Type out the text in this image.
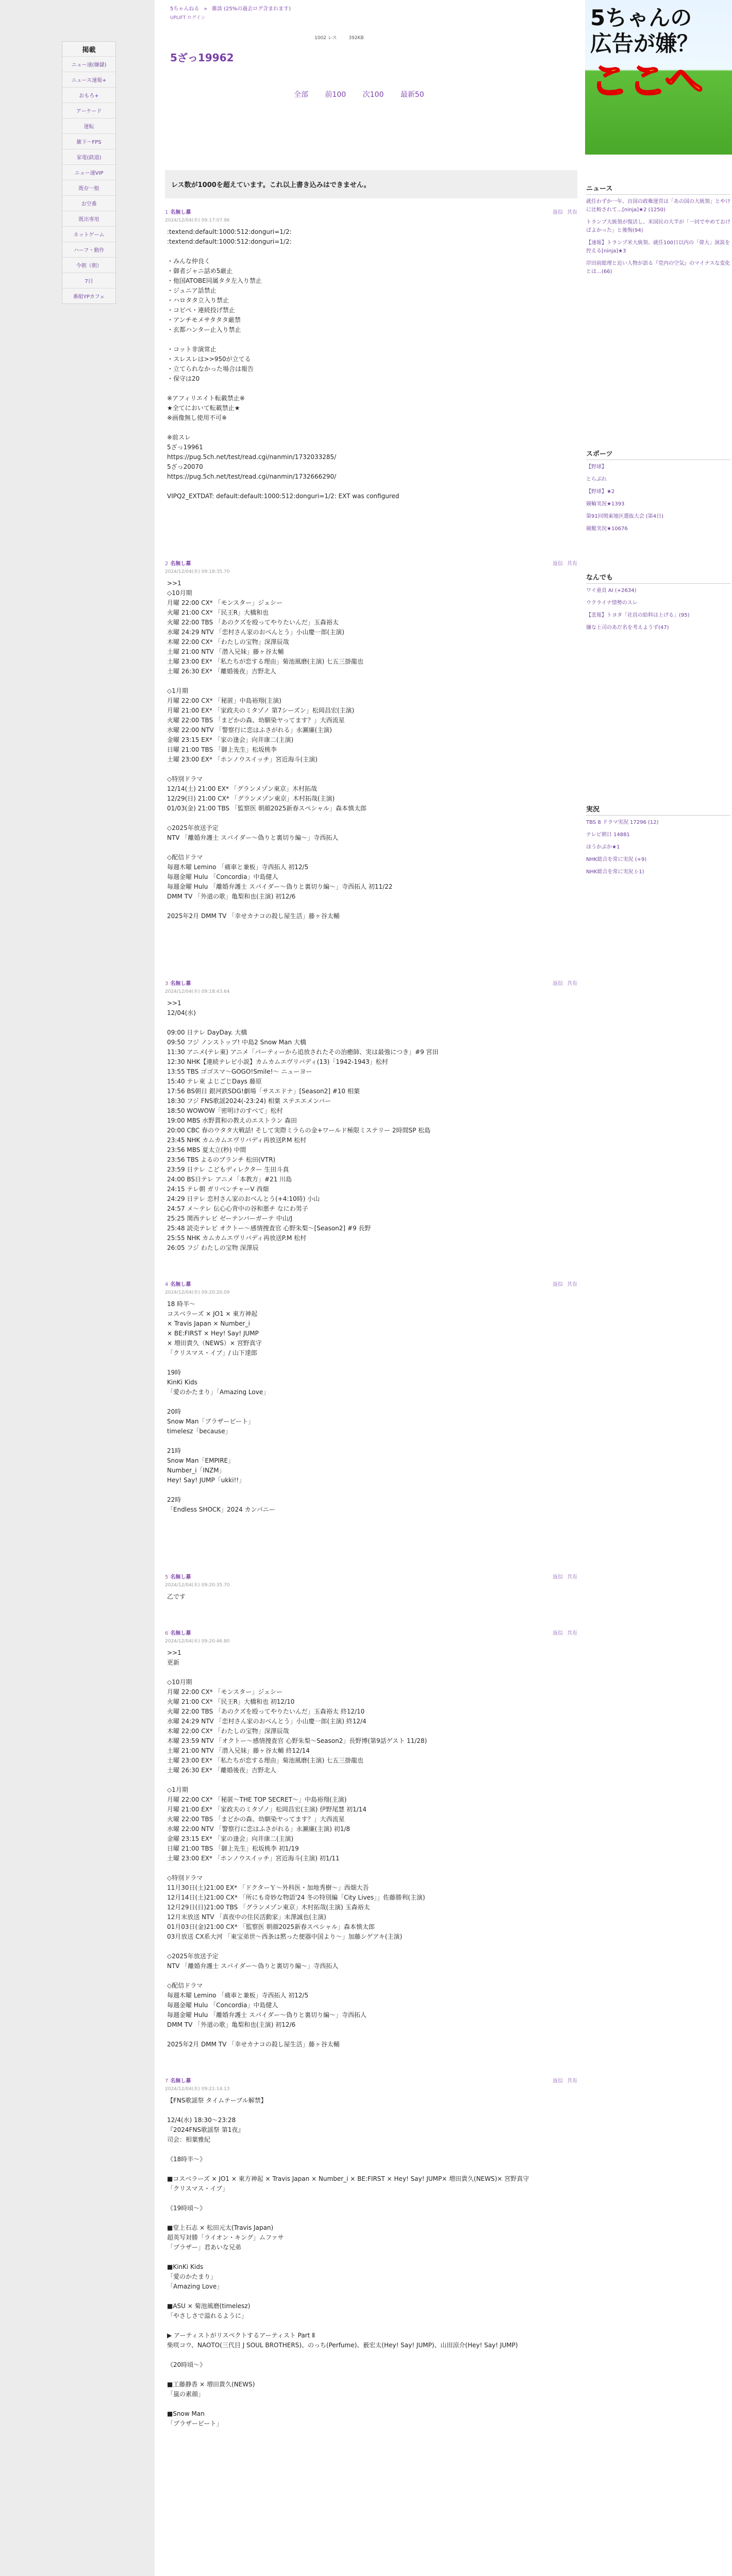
掲載
ニュー速(嫌儲)
ニュース速報+
おもろ+
アーケード
運転
雑下〜FPS
家電(鉄道)
ニュー速VIP
既存一般
お空番
既出専用
ネットゲーム
ハーフ・動作
今朝（朝）
7日
番組YPカフェ
5ちゃんねる » 雑談 (25%の過去ログ含まれます)
UPLIFT ログイン
1002 レス	392KB
5ざっ19962
全部 前100 次100 最新50
レス数が1000を超えています。これ以上書き込みはできません。
1 名無し募
2024/12/04(水) 09:17:07.96
返信 共有
:textend:default:1000:512:donguri=1/2:
:textend:default:1000:512:donguri=1/2:

・みんな仲良く
・御者ジャニ話め5厳止
・他国ATOBE同属タタ左入り禁止
・ジュニア話禁止
・ハロタタ立入り禁止
・コビペ・連続投げ禁止
・アンチモメサタタタ厳禁
・玄都ハンター止入り禁止

・コット非演常止
・スレスレは>>950が立てる
・立てられなかった場合は報告
・保守は20

※アフィリエイト転載禁止※
★全てにおいて転載禁止★
※画像無し使用不可※

※前スレ
5ざっ19961
https://pug.5ch.net/test/read.cgi/nanmin/1732033285/
5ざっ20070
https://pug.5ch.net/test/read.cgi/nanmin/1732666290/

VIPQ2_EXTDAT: default:default:1000:512:donguri=1/2: EXT was configured
2 名無し募
2024/12/04(水) 09:18:35.70
返信 共有
>>1
◇10月期
月曜 22:00 CX* 「モンスター」ジェシー
火曜 21:00 CX* 「民王R」大橋和也
火曜 22:00 TBS 「あのクズを殴ってやりたいんだ」玉森裕太
水曜 24:29 NTV 「恋村さん家のおべんとう」小山慶一郎(主演)
木曜 22:00 CX* 「わたしの宝物」深澤辰哉
土曜 21:00 NTV 「潜入兄妹」藤ヶ谷太輔
土曜 23:00 EX* 「私たちが恋する理由」菊池風磨(主演) 七五三掛龍也
土曜 26:30 EX* 「離婚後夜」吉野北人

◇1月期
月曜 22:00 CX* 「秘匿」中島裕翔(主演)
月曜 21:00 EX* 「家政夫のミタゾノ 第7シーズン」松岡昌宏(主演)
火曜 22:00 TBS 「まどかの森、幼馴染ヤってます？」大西流星
水曜 22:00 NTV 「警察行に恋はふさがれる」永瀬廉(主演)
金曜 23:15 EX* 「家の逢会」向井康二(主演)
日曜 21:00 TBS 「御上先生」松坂桃李
土曜 23:00 EX* 「ホンノウスイッチ」宮近海斗(主演)

◇特別ドラマ
12/14(土) 21:00 EX* 「グランメゾン東京」木村拓哉
12/29(日) 21:00 CX* 「グランメゾン東京」木村拓哉(主演)
01/03(金) 21:00 TBS 「監察医 朝顔2025新春スペシャル」森本慎太郎

◇2025年放送予定
NTV 「離婚弁護士 スパイダー～偽りと裏切り編～」寺西拓人

◇配信ドラマ
毎週木曜 Lemino 「痛車と兼板」寺西拓人 初12/5
毎週金曜 Hulu 「Concordia」中島健人
毎週金曜 Hulu 「離婚弁護士 スパイダー～偽りと裏切り編～」寺西拓人 初11/22
DMM TV 「外道の歌」亀梨和也(主演) 初12/6

2025年2月 DMM TV 「幸せカナコの殺し屋生活」藤ヶ谷太輔
3 名無し募
2024/12/04(水) 09:18:43.64
返信 共有
>>1
12/04(水)

09:00 日テレ DayDay. 大橋
09:50 フジ ノンストップ! 中島2 Snow Man 大橋
11:30 アニメ(テレ東) アニメ「パーティーから追放されたその治癒師、実は最強につき」#9 宮田
12:30 NHK【連続テレビ小説】カムカムエヴリバディ(13)「1942-1943」松村
13:55 TBS ゴゴスマ〜GOGO!Smile!〜 ニューヨー
15:40 テレ東 よじごじDays 藤原
17:56 BS朝日 銀河鉄SDG!劇場「サスエドナ」[Season2] #10 相葉
18:30 フジ FNS歌謡2024(-23:24) 相葉 ステエエメンバー
18:50 WOWOW「密明けのすべて」松村
19:00 MBS 水野貫和の教えのエストラン 森田
20:00 CBC 春のウタタ大戦話! そして実際ミラらの金+ワールド極限ミステリー 2時間SP 松島
23:45 NHK カムカムエヴリバディ再放送P.M 松村
23:56 MBS 夏太立(秒) 中間
23:56 TBS よるのブランチ 松田(VTR)
23:59 日テレ こどもディレクター 生田斗真
24:00 BS日テレ アニメ「本教方」#21 川島
24:15 テレ朝 ガリベンチャーV 西畑
24:29 日テレ 恋村さん家のおべんとう(+4:10時) 小山
24:57 メ〜テレ 伝心心背中の谷和悪チ なにわ男子
25:25 関西テレビ ゼーテンバーガーテ 中山/J
25:48 読売テレビ オクトー～感情捜査官 心野朱梨～[Season2] #9 長野
25:55 NHK カムカムエヴリバディ再放送P.M 松村
26:05 フジ わたしの宝物 深澤辰
4 名無し募
2024/12/04(水) 09:20:20.09
返信 共有
18 時半～
コスベラーズ × JO1 × 東方神起
× Travis Japan × Number_i
× BE:FIRST × Hey! Say! JUMP
× 増田貴久（NEWS）× 宮野真守
「クリスマス・イブ」/ 山下達郎

19時
KinKi Kids
「愛のかたまり」「Amazing Love」

20時
Snow Man「ブラザービート」
timelesz「because」

21時
Snow Man「EMPIRE」
Number_i「INZM」
Hey! Say! JUMP「ukki!!」

22時
「Endless SHOCK」2024 カンパニー
5 名無し募
2024/12/04(水) 09:20:35.70
返信 共有
乙です
6 名無し募
2024/12/04(水) 09:20:46.80
返信 共有
>>1
更新

◇10月期
月曜 22:00 CX* 「モンスター」ジェシー
火曜 21:00 CX* 「民王R」大橋和也 初12/10
火曜 22:00 TBS 「あのクズを殴ってやりたいんだ」玉森裕太 終12/10
水曜 24:29 NTV 「恋村さん家のおべんとう」小山慶一郎(主演) 終12/4
木曜 22:00 CX* 「わたしの宝物」深澤辰哉
木曜 23:59 NTV 「オクトー～感情捜査官 心野朱梨～Season2」長野博(第9話ゲスト 11/28)
土曜 21:00 NTV 「潜入兄妹」藤ヶ谷太輔 終12/14
土曜 23:00 EX* 「私たちが恋する理由」菊池風磨(主演) 七五三掛龍也
土曜 26:30 EX* 「離婚後夜」吉野北人

◇1月期
月曜 22:00 CX* 「秘匿～THE TOP SECRET～」中島裕翔(主演)
月曜 21:00 EX* 「家政夫のミタゾノ」松岡昌宏(主演) 伊野尾慧 初1/14
火曜 22:00 TBS 「まどかの森、幼馴染ヤってます？」大西流星
水曜 22:00 NTV 「警察行に恋はふさがれる」永瀬廉(主演) 初1/8
金曜 23:15 EX* 「家の逢会」向井康二(主演)
日曜 21:00 TBS 「御上先生」松坂桃李 初1/19
土曜 23:00 EX* 「ホンノウスイッチ」宮近海斗(主演) 初1/11

◇特別ドラマ
11月30日(土)21:00 EX* 「ドクターＹ～外科医・加地秀樹～」西畑大吾
12月14日(土)21:00 CX* 「所にも奇妙な物語'24 冬の特別編「City Lives」」佐藤勝利(主演)
12月29日(日)21:00 TBS 「グランメゾン東京」木村拓哉(主演) 玉森裕太
12月末放送 NTV 「真夜中の住民活動家」末澤誠也(主演)
01月03日(金)21:00 CX* 「監察医 朝顔2025新春スペシャル」森本慎太郎
03月放送 CX系大河 「東宝弟世～西条は黙った便器中国より～」加藤シゲアキ(主演)

◇2025年放送予定
NTV 「離婚弁護士 スパイダー～偽りと裏切り編～」寺西拓人

◇配信ドラマ
毎週木曜 Lemino 「痛車と兼板」寺西拓人 初12/5
毎週金曜 Hulu 「Concordia」中島健人
毎週金曜 Hulu 「離婚弁護士 スパイダー～偽りと裏切り編～」寺西拓人
DMM TV 「外道の歌」亀梨和也(主演) 初12/6

2025年2月 DMM TV 「幸せカナコの殺し屋生活」藤ヶ谷太輔
7 名無し募
2024/12/04(水) 09:21:14.13
返信 共有
【FNS歌謡祭 タイムテーブル解禁】

12/4(水) 18:30～23:28
『2024FNS歌謡祭 第1夜』
司会：相葉雅紀

《18時半～》

■コスベラーズ × JO1 × 東方神起 × Travis Japan × Number_i × BE:FIRST × Hey! Say! JUMP× 増田貴久(NEWS)× 宮野真守
「クリスマス・イブ」

《19時頃～》

■堂上石志 × 松田元太(Travis Japan)
超英写対勝「ライオン・キング」ムファサ
「ブラザー」君あいな兄弟

■KinKi Kids
「愛のかたまり」
「Amazing Love」

■ASU × 菊池風磨(timelesz)
「やさしさで溢れるように」

▶ アーティストがリスペクトするアーティスト Part Ⅱ
柴咲コウ、NAOTO(三代目 J SOUL BROTHERS)、のっち(Perfume)、薮宏太(Hey! Say! JUMP)、山田涼介(Hey! Say! JUMP)

《20時頃～》

■工藤静香 × 増田貴久(NEWS)
「嵐の素顔」

■Snow Man
「ブラザービート」
5ちゃんの
広告が嫌？
ここへ
ニュース
就任わずか一年、自国の政権運営は「あの国の大統領」とやけに比較されて…[ninja]★2 (1250)
トランプ大統領が復活し、米国民の大半が「一回でやめておけばよかった」と後悔(94)
【速報】トランプ米大統領、就任100日以内の「偉大」演説を控える[ninja]★3
岸田前総理と近い人物が語る『党内の空気』のマイナスな変化とは…(66)
スポーツ
【野球】
とらぶれ
【野球】★2
競輪実況★1393
第91回関東地区選抜大会 (第4日)
競艇実況★10676
なんでも
ワイ童貞 AI (+2634)
ウクライナ情勢のスレ
【悲報】トヨタ「社員の給料は上げる」(95)
嫌な上司のあだ名を考えようず(47)
実況
TBS 8 ドラマ実況 17296 (12)
テレビ朝日 14881
ほうかぶか★1
NHK総合を常に実況 (+9)
NHK総合を常に実況 (-1)
